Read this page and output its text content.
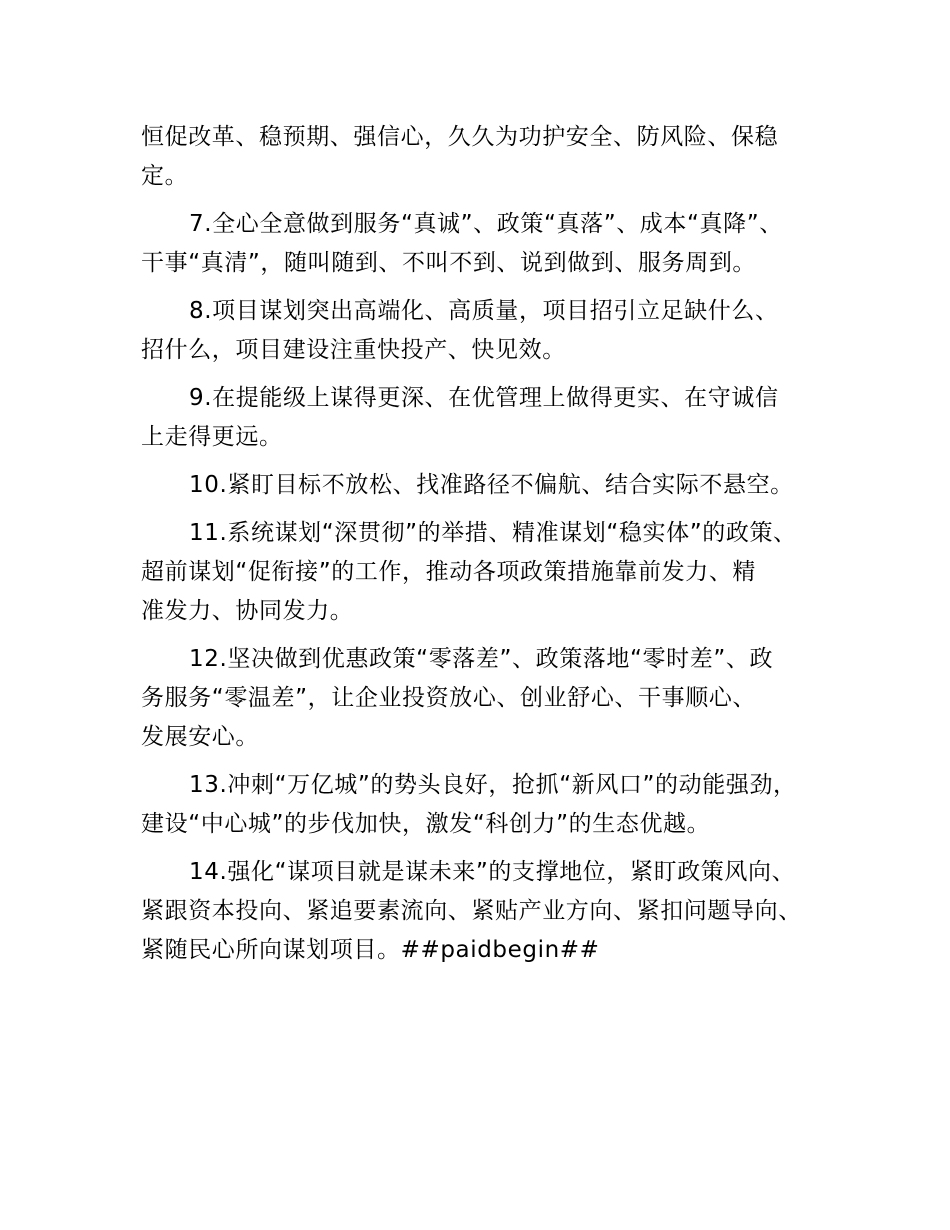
恒促改革、稳预期、强信心，久久为功护安全、防风险、保稳
定。

7.全心全意做到服务“真诚”、政策“真落”、成本“真降”、
干事“真清”，随叫随到、不叫不到、说到做到、服务周到。

8.项目谋划突出高端化、高质量，项目招引立足缺什么、
招什么，项目建设注重快投产、快见效。

9.在提能级上谋得更深、在优管理上做得更实、在守诚信
上走得更远。

10.紧盯目标不放松、找准路径不偏航、结合实际不悬空。

11.系统谋划“深贯彻”的举措、精准谋划“稳实体”的政策、
超前谋划“促衔接”的工作，推动各项政策措施靠前发力、精
准发力、协同发力。

12.坚决做到优惠政策“零落差”、政策落地“零时差”、政
务服务“零温差”，让企业投资放心、创业舒心、干事顺心、
发展安心。

13.冲刺“万亿城”的势头良好，抢抓“新风口”的动能强劲，
建设“中心城”的步伐加快，激发“科创力”的生态优越。

14.强化“谋项目就是谋未来”的支撑地位，紧盯政策风向、
紧跟资本投向、紧追要素流向、紧贴产业方向、紧扣问题导向、
紧随民心所向谋划项目。##paidbegin##
